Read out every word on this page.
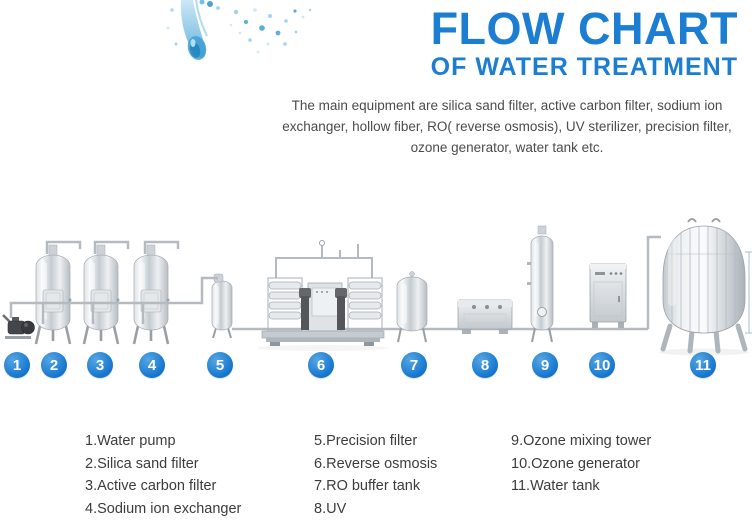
FLOW CHART
OF WATER TREATMENT

The main equipment are silica sand filter, active carbon filter, sodium ion exchanger, hollow fiber, RO( reverse osmosis), UV sterilizer, precision filter, ozone generator, water tank etc.

1	2	3	4	5	6	7	8	9	10	11
1.Water pump
2.Silica sand filter
3.Active carbon filter
4.Sodium ion exchanger
5.Precision filter
6.Reverse osmosis
7.RO buffer tank
8.UV
9.Ozone mixing tower
10.Ozone generator
11.Water tank
